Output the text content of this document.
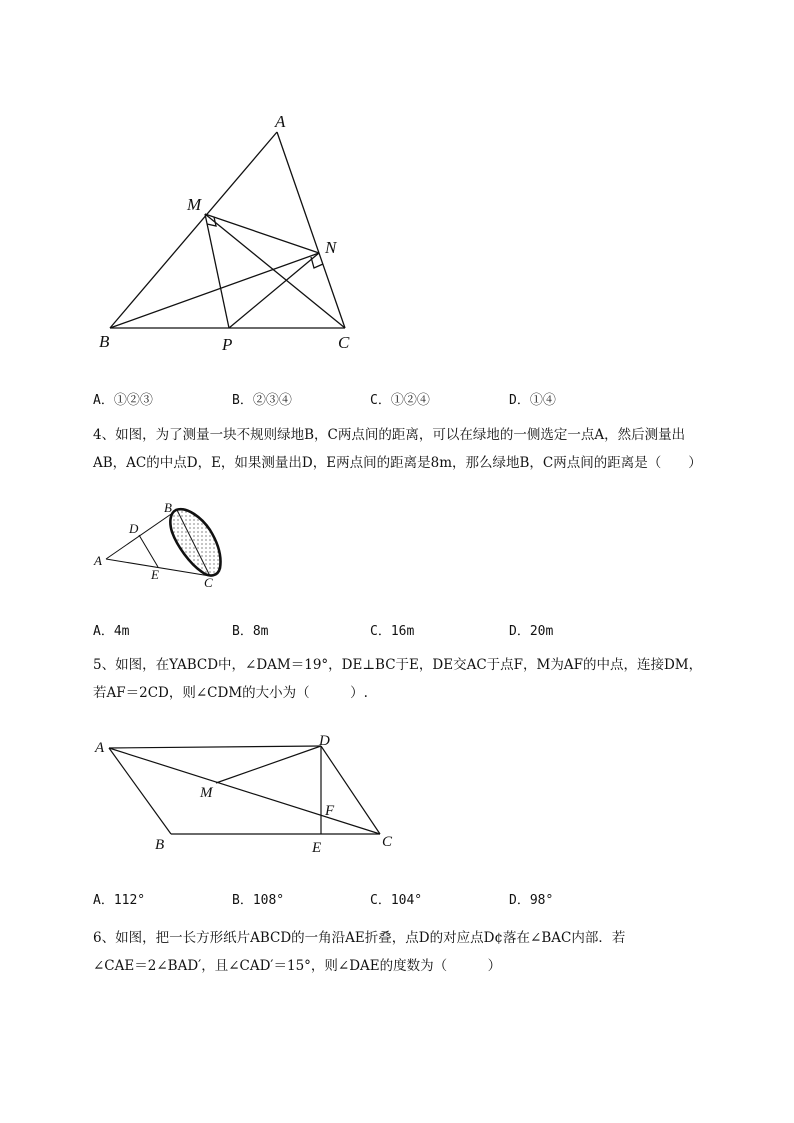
A
M
N
B	P	C
A．①②③	B．②③④	C．①②④	D．①④
4、如图，为了测量一块不规则绿地B，C两点间的距离，可以在绿地的一侧选定一点A，然后测量出
AB，AC的中点D，E，如果测量出D，E两点间的距离是8m，那么绿地B，C两点间的距离是（　　）
B
D
A
E
C
A．4m	B．8m	C．16m	D．20m
5、如图，在YABCD中，∠DAM＝19°，DE⊥BC于E，DE交AC于点F，M为AF的中点，连接DM，
若AF＝2CD，则∠CDM的大小为（　　　）.
A	D
M
F
B	E	C
A．112°	B．108°	C．104°	D．98°
6、如图，把一长方形纸片ABCD的一角沿AE折叠，点D的对应点D¢落在∠BAC内部．若
∠CAE＝2∠BAD′，且∠CAD′＝15°，则∠DAE的度数为（　　　）
